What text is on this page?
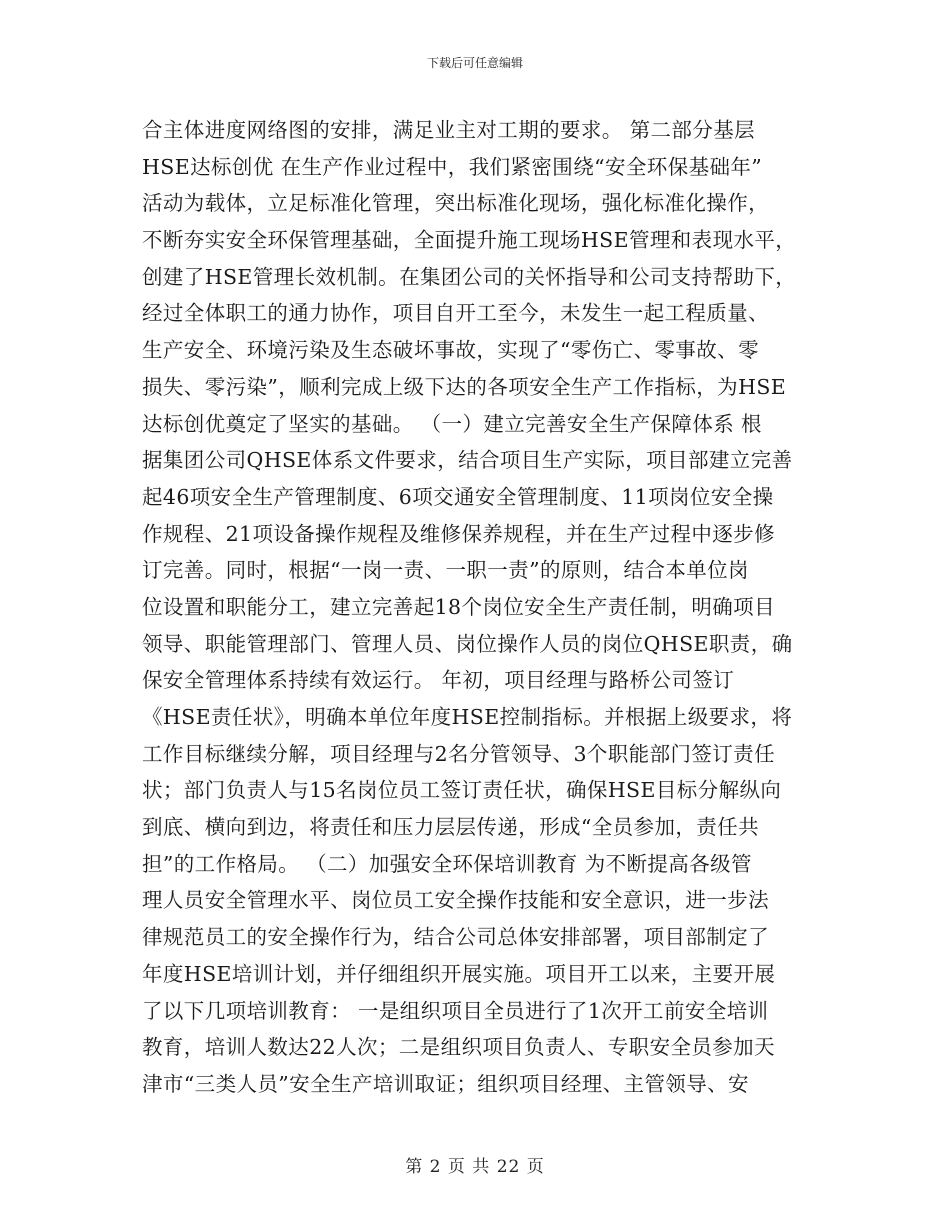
下载后可任意编辑
合主体进度网络图的安排，满足业主对工期的要求。 第二部分基层
HSE达标创优 在生产作业过程中，我们紧密围绕“安全环保基础年”
活动为载体，立足标准化管理，突出标准化现场，强化标准化操作，
不断夯实安全环保管理基础，全面提升施工现场HSE管理和表现水平，
创建了HSE管理长效机制。在集团公司的关怀指导和公司支持帮助下，
经过全体职工的通力协作，项目自开工至今，未发生一起工程质量、
生产安全、环境污染及生态破坏事故，实现了“零伤亡、零事故、零
损失、零污染”，顺利完成上级下达的各项安全生产工作指标，为HSE
达标创优奠定了坚实的基础。 （一）建立完善安全生产保障体系 根
据集团公司QHSE体系文件要求，结合项目生产实际，项目部建立完善
起46项安全生产管理制度、6项交通安全管理制度、11项岗位安全操
作规程、21项设备操作规程及维修保养规程，并在生产过程中逐步修
订完善。同时，根据“一岗一责、一职一责”的原则，结合本单位岗
位设置和职能分工，建立完善起18个岗位安全生产责任制，明确项目
领导、职能管理部门、管理人员、岗位操作人员的岗位QHSE职责，确
保安全管理体系持续有效运行。 年初，项目经理与路桥公司签订
《HSE责任状》，明确本单位年度HSE控制指标。并根据上级要求，将
工作目标继续分解，项目经理与2名分管领导、3个职能部门签订责任
状；部门负责人与15名岗位员工签订责任状，确保HSE目标分解纵向
到底、横向到边，将责任和压力层层传递，形成“全员参加，责任共
担”的工作格局。 （二）加强安全环保培训教育 为不断提高各级管
理人员安全管理水平、岗位员工安全操作技能和安全意识，进一步法
律规范员工的安全操作行为，结合公司总体安排部署，项目部制定了
年度HSE培训计划，并仔细组织开展实施。项目开工以来，主要开展
了以下几项培训教育： 一是组织项目全员进行了1次开工前安全培训
教育，培训人数达22人次；二是组织项目负责人、专职安全员参加天
津市“三类人员”安全生产培训取证；组织项目经理、主管领导、安
第 2 页 共 22 页
